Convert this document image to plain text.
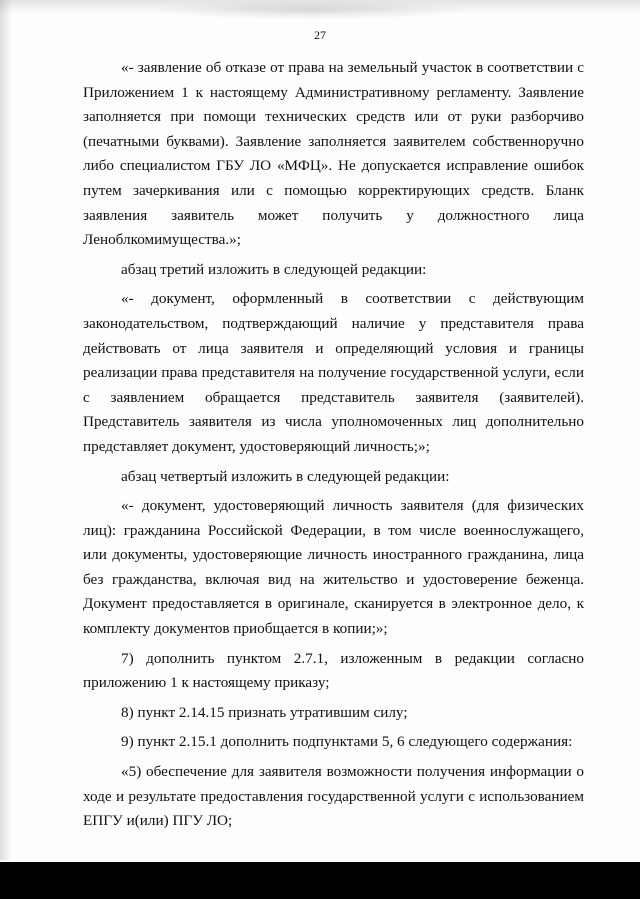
27

«- заявление об отказе от права на земельный участок в соответствии с Приложением 1 к настоящему Административному регламенту. Заявление заполняется при помощи технических средств или от руки разборчиво (печатными буквами). Заявление заполняется заявителем собственноручно либо специалистом ГБУ ЛО «МФЦ». Не допускается исправление ошибок путем зачеркивания или с помощью корректирующих средств. Бланк заявления заявитель может получить у должностного лица Леноблкомимущества.»;

абзац третий изложить в следующей редакции:

«- документ, оформленный в соответствии с действующим законодательством, подтверждающий наличие у представителя права действовать от лица заявителя и определяющий условия и границы реализации права представителя на получение государственной услуги, если с заявлением обращается представитель заявителя (заявителей). Представитель заявителя из числа уполномоченных лиц дополнительно представляет документ, удостоверяющий личность;»;

абзац четвертый изложить в следующей редакции:

«- документ, удостоверяющий личность заявителя (для физических лиц): гражданина Российской Федерации, в том числе военнослужащего, или документы, удостоверяющие личность иностранного гражданина, лица без гражданства, включая вид на жительство и удостоверение беженца. Документ предоставляется в оригинале, сканируется в электронное дело, к комплекту документов приобщается в копии;»;

7) дополнить пунктом 2.7.1, изложенным в редакции согласно приложению 1 к настоящему приказу;

8) пункт 2.14.15 признать утратившим силу;

9) пункт 2.15.1 дополнить подпунктами 5, 6 следующего содержания:

«5) обеспечение для заявителя возможности получения информации о ходе и результате предоставления государственной услуги с использованием ЕПГУ и(или) ПГУ ЛО;
